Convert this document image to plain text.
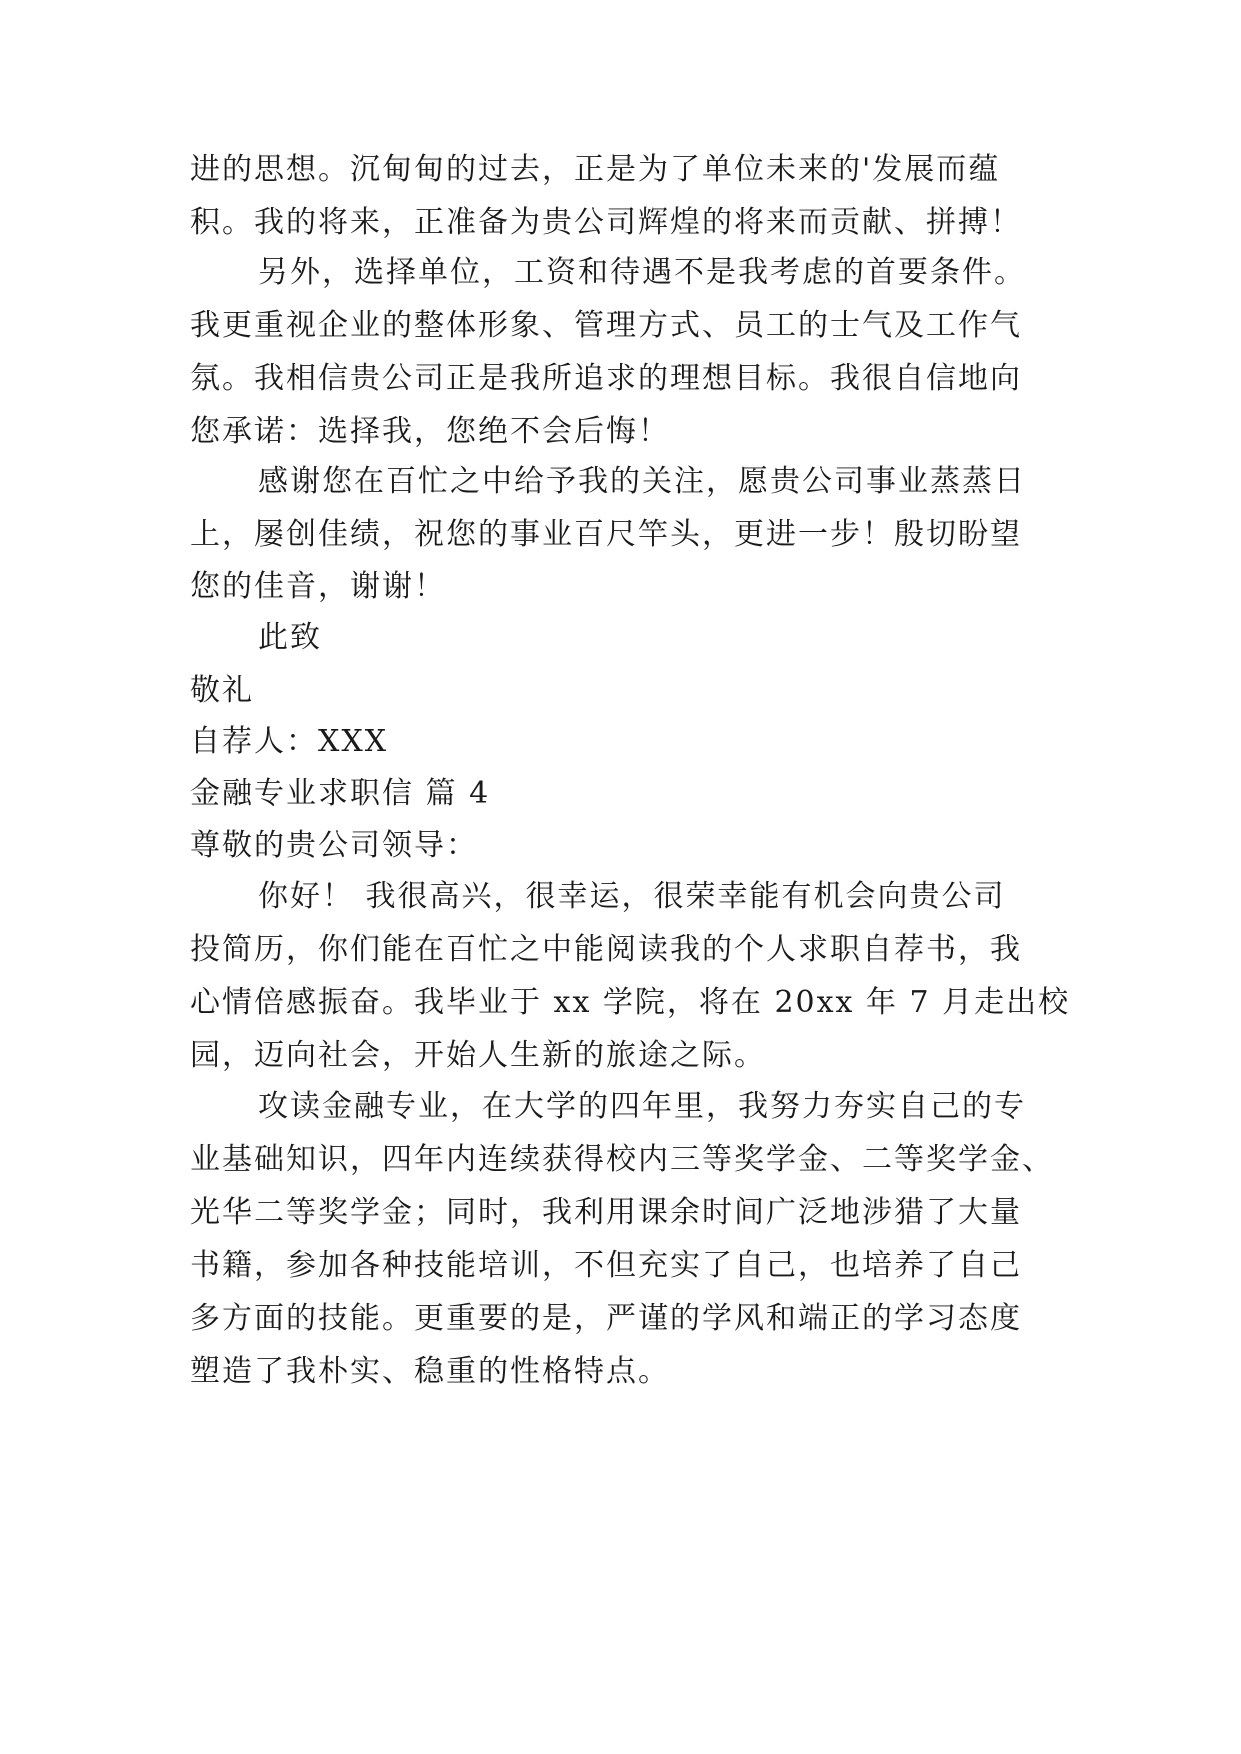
进的思想。沉甸甸的过去，正是为了单位未来的'发展而蕴
积。我的将来，正准备为贵公司辉煌的将来而贡献、拼搏！
另外，选择单位，工资和待遇不是我考虑的首要条件。
我更重视企业的整体形象、管理方式、员工的士气及工作气
氛。我相信贵公司正是我所追求的理想目标。我很自信地向
您承诺：选择我，您绝不会后悔！
感谢您在百忙之中给予我的关注，愿贵公司事业蒸蒸日
上，屡创佳绩，祝您的事业百尺竿头，更进一步！殷切盼望
您的佳音，谢谢！
此致
敬礼
自荐人：XXX
金融专业求职信 篇 4
尊敬的贵公司领导：
你好！ 我很高兴，很幸运，很荣幸能有机会向贵公司
投简历，你们能在百忙之中能阅读我的个人求职自荐书，我
心情倍感振奋。我毕业于 xx 学院，将在 20xx 年 7 月走出校
园，迈向社会，开始人生新的旅途之际。
攻读金融专业，在大学的四年里，我努力夯实自己的专
业基础知识，四年内连续获得校内三等奖学金、二等奖学金、
光华二等奖学金；同时，我利用课余时间广泛地涉猎了大量
书籍，参加各种技能培训，不但充实了自己，也培养了自己
多方面的技能。更重要的是，严谨的学风和端正的学习态度
塑造了我朴实、稳重的性格特点。
